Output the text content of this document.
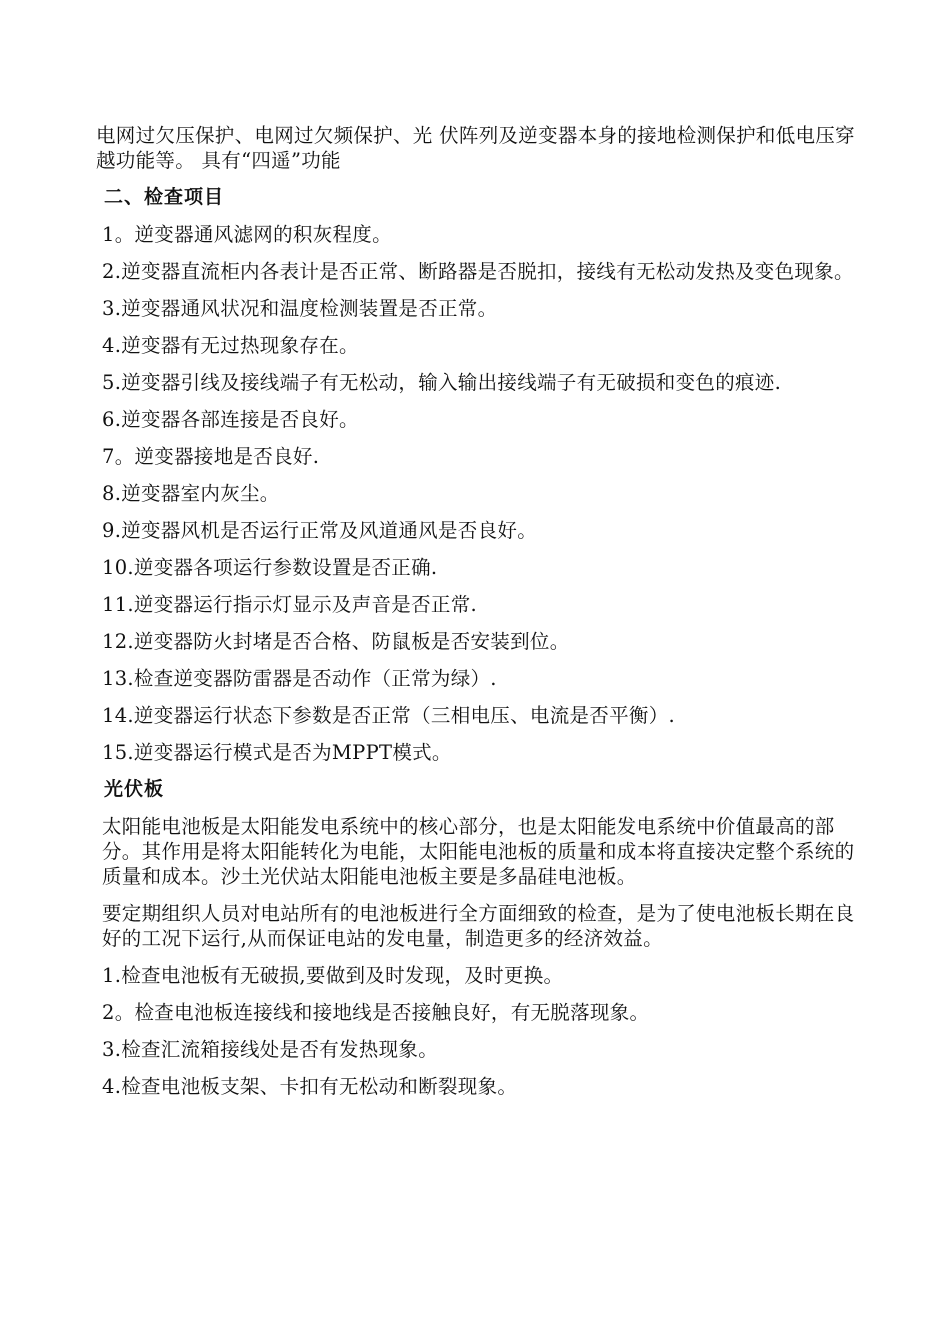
电网过欠压保护、电网过欠频保护、光 伏阵列及逆变器本身的接地检测保护和低电压穿越功能等。 具有“四遥”功能

二、检查项目

1。逆变器通风滤网的积灰程度。

2.逆变器直流柜内各表计是否正常、断路器是否脱扣，接线有无松动发热及变色现象。

3.逆变器通风状况和温度检测装置是否正常。

4.逆变器有无过热现象存在。

5.逆变器引线及接线端子有无松动，输入输出接线端子有无破损和变色的痕迹.

6.逆变器各部连接是否良好。

7。逆变器接地是否良好.

8.逆变器室内灰尘。

9.逆变器风机是否运行正常及风道通风是否良好。

10.逆变器各项运行参数设置是否正确.

11.逆变器运行指示灯显示及声音是否正常.

12.逆变器防火封堵是否合格、防鼠板是否安装到位。

13.检查逆变器防雷器是否动作（正常为绿）.

14.逆变器运行状态下参数是否正常（三相电压、电流是否平衡）.

15.逆变器运行模式是否为MPPT模式。

光伏板

太阳能电池板是太阳能发电系统中的核心部分，也是太阳能发电系统中价值最高的部分。其作用是将太阳能转化为电能，太阳能电池板的质量和成本将直接决定整个系统的质量和成本。沙土光伏站太阳能电池板主要是多晶硅电池板。

要定期组织人员对电站所有的电池板进行全方面细致的检查，是为了使电池板长期在良好的工况下运行,从而保证电站的发电量，制造更多的经济效益。

1.检查电池板有无破损,要做到及时发现，及时更换。

2。检查电池板连接线和接地线是否接触良好，有无脱落现象。

3.检查汇流箱接线处是否有发热现象。

4.检查电池板支架、卡扣有无松动和断裂现象。
